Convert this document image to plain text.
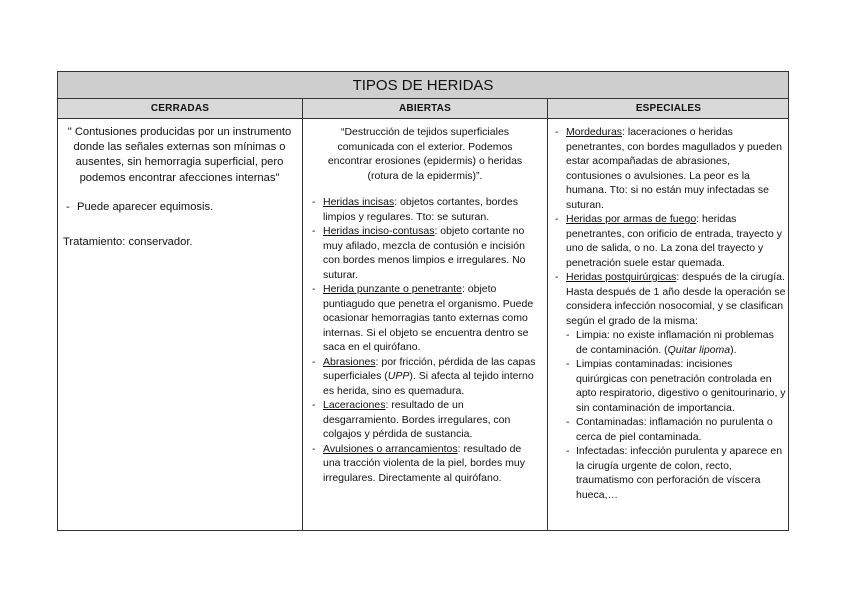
TIPOS DE HERIDAS
CERRADAS	ABIERTAS	ESPECIALES

" Contusiones producidas por un instrumento donde las señales externas son mínimas o ausentes, sin hemorragia superficial, pero podemos encontrar afecciones internas"

- Puede aparecer equimosis.

Tratamiento: conservador.

“Destrucción de tejidos superficiales comunicada con el exterior. Podemos encontrar erosiones (epidermis) o heridas (rotura de la epidermis)”.

- Heridas incisas: objetos cortantes, bordes limpios y regulares. Tto: se suturan.

- Heridas inciso-contusas: objeto cortante no muy afilado, mezcla de contusión e incisión con bordes menos limpios e irregulares. No suturar.

- Herida punzante o penetrante: objeto puntiagudo que penetra el organismo. Puede ocasionar hemorragias tanto externas como internas. Si el objeto se encuentra dentro se saca en el quirófano.

- Abrasiones: por fricción, pérdida de las capas superficiales (UPP). Si afecta al tejido interno es herida, sino es quemadura.

- Laceraciones: resultado de un desgarramiento. Bordes irregulares, con colgajos y pérdida de sustancia.

- Avulsiones o arrancamientos: resultado de una tracción violenta de la piel, bordes muy irregulares. Directamente al quirófano.

- Mordeduras: laceraciones o heridas penetrantes, con bordes magullados y pueden estar acompañadas de abrasiones, contusiones o avulsiones. La peor es la humana. Tto: si no están muy infectadas se suturan.

- Heridas por armas de fuego: heridas penetrantes, con orificio de entrada, trayecto y uno de salida, o no. La zona del trayecto y penetración suele estar quemada.

- Heridas postquirúrgicas: después de la cirugía. Hasta después de 1 año desde la operación se considera infección nosocomial, y se clasifican según el grado de la misma:

- Limpia: no existe inflamación ni problemas de contaminación. (Quitar lipoma).

- Limpias contaminadas: incisiones quirúrgicas con penetración controlada en apto respiratorio, digestivo o genitourinario, y sin contaminación de importancia.

- Contaminadas: inflamación no purulenta o cerca de piel contaminada.

- Infectadas: infección purulenta y aparece en la cirugía urgente de colon, recto, traumatismo con perforación de víscera hueca,…
